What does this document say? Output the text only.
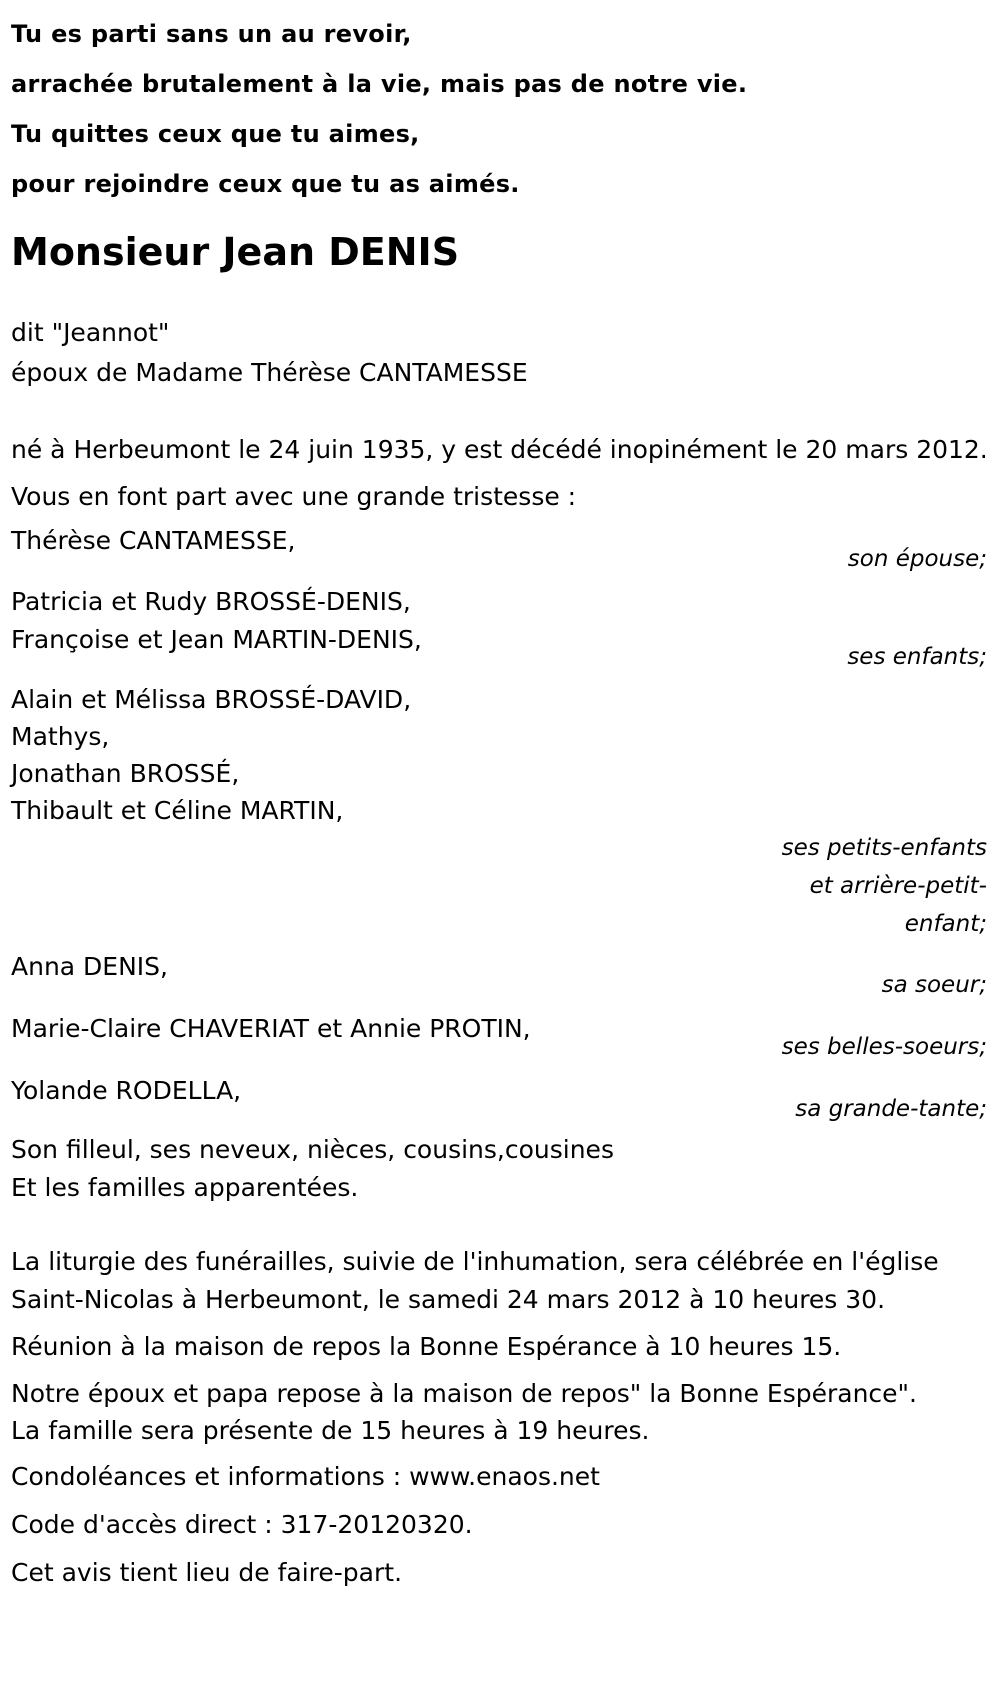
Tu es parti sans un au revoir,
arrachée brutalement à la vie, mais pas de notre vie.
Tu quittes ceux que tu aimes,
pour rejoindre ceux que tu as aimés.
Monsieur Jean DENIS
dit "Jeannot"
époux de Madame Thérèse CANTAMESSE
né à Herbeumont le 24 juin 1935, y est décédé inopinément le 20 mars 2012.
Vous en font part avec une grande tristesse :
Thérèse CANTAMESSE,
son épouse;
Patricia et Rudy BROSSÉ-DENIS,
Françoise et Jean MARTIN-DENIS,
ses enfants;
Alain et Mélissa BROSSÉ-DAVID,
Mathys,
Jonathan BROSSÉ,
Thibault et Céline MARTIN,
ses petits-enfants
et arrière-petit-
enfant;
Anna DENIS,
sa soeur;
Marie-Claire CHAVERIAT et Annie PROTIN,
ses belles-soeurs;
Yolande RODELLA,
sa grande-tante;
Son filleul, ses neveux, nièces, cousins,cousines
Et les familles apparentées.
La liturgie des funérailles, suivie de l'inhumation, sera célébrée en l'église Saint-Nicolas à Herbeumont, le samedi 24 mars 2012 à 10 heures 30.
Réunion à la maison de repos la Bonne Espérance à 10 heures 15.
Notre époux et papa repose à la maison de repos" la Bonne Espérance".
La famille sera présente de 15 heures à 19 heures.
Condoléances et informations : www.enaos.net
Code d'accès direct : 317-20120320.
Cet avis tient lieu de faire-part.
